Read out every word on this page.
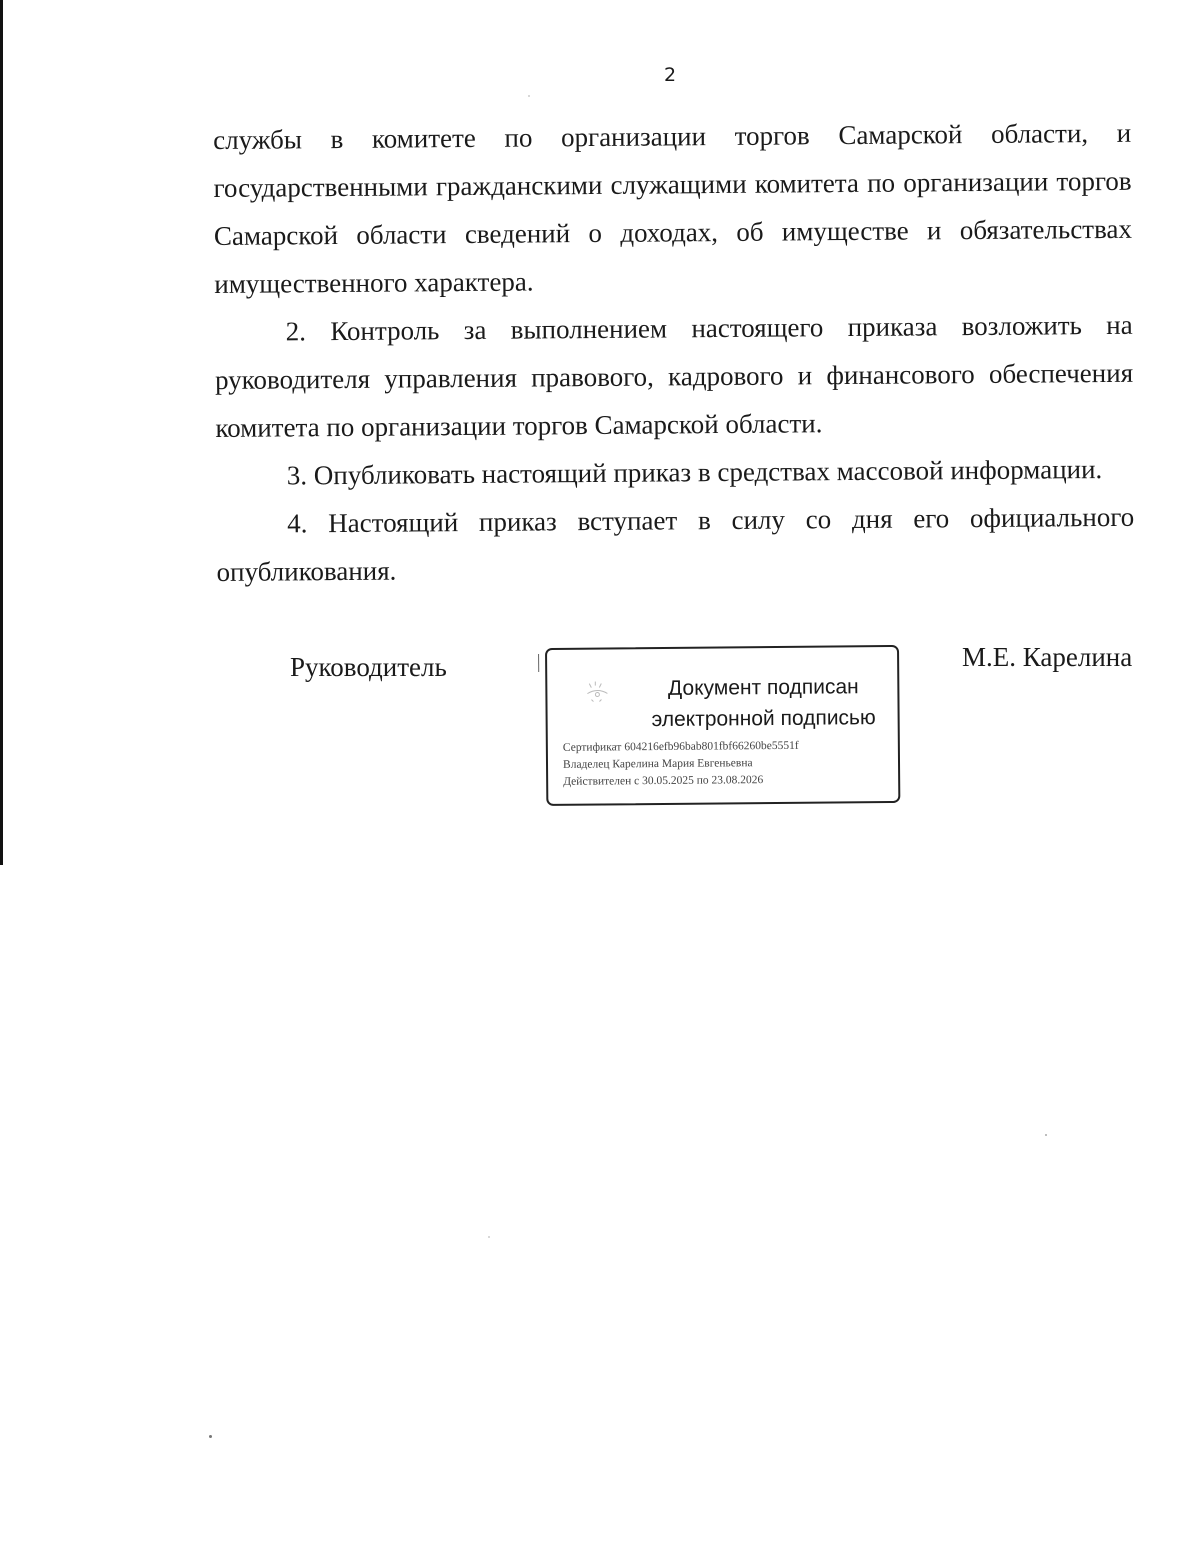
2

службы в комитете по организации торгов Самарской области, и государственными гражданскими служащими комитета по организации торгов Самарской области сведений о доходах, об имуществе и обязательствах имущественного характера.

2. Контроль за выполнением настоящего приказа возложить на руководителя управления правового, кадрового и финансового обеспечения комитета по организации торгов Самарской области.

3. Опубликовать настоящий приказ в средствах массовой информации.

4. Настоящий приказ вступает в силу со дня его официального опубликования.

Руководитель
Документ подписан
электронной подписью
Сертификат 604216efb96bab801fbf66260be5551f
Владелец Карелина Мария Евгеньевна
Действителен с 30.05.2025 по 23.08.2026
М.Е. Карелина
